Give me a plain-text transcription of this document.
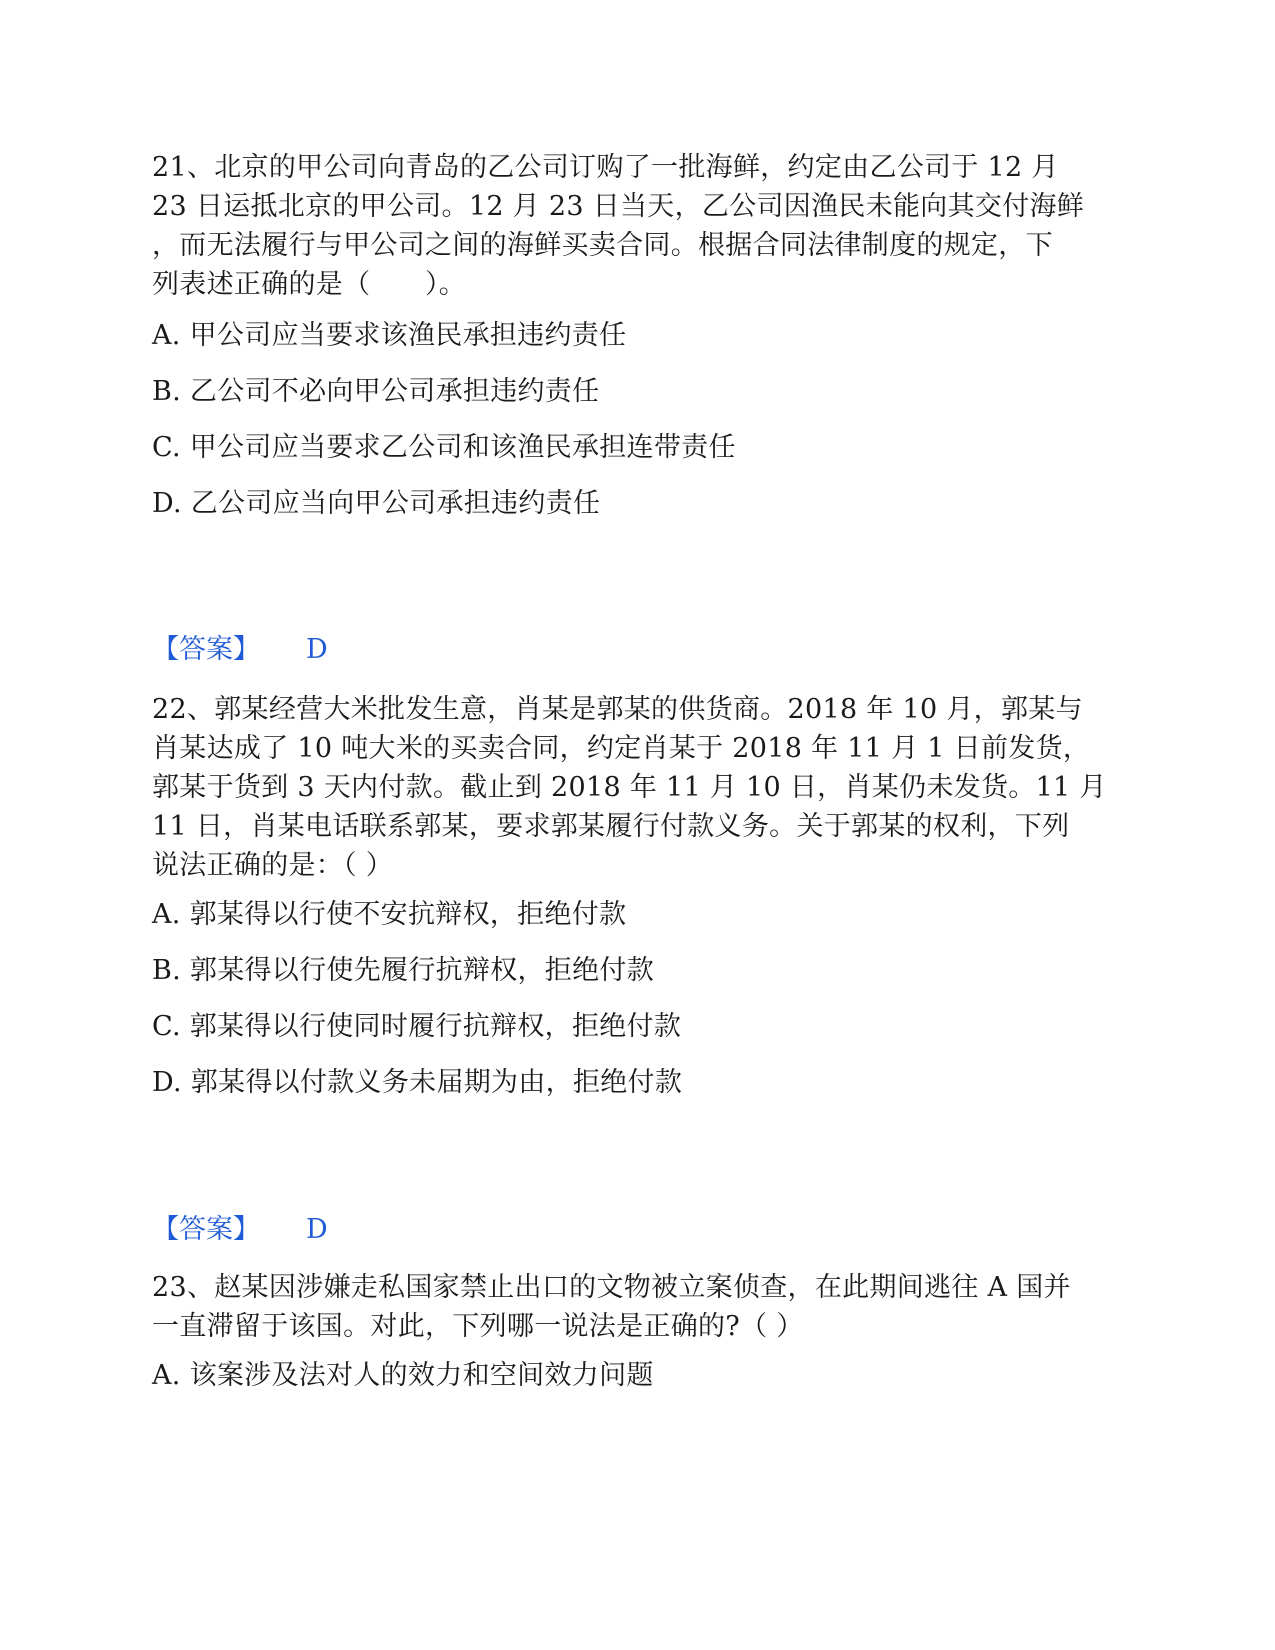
21、北京的甲公司向青岛的乙公司订购了一批海鲜，约定由乙公司于 12 月

23 日运抵北京的甲公司。12 月 23 日当天，乙公司因渔民未能向其交付海鲜

，而无法履行与甲公司之间的海鲜买卖合同。根据合同法律制度的规定，下

列表述正确的是（　　）。

A. 甲公司应当要求该渔民承担违约责任

B. 乙公司不必向甲公司承担违约责任

C. 甲公司应当要求乙公司和该渔民承担连带责任

D. 乙公司应当向甲公司承担违约责任

【答案】 D

22、郭某经营大米批发生意，肖某是郭某的供货商。2018 年 10 月，郭某与

肖某达成了 10 吨大米的买卖合同，约定肖某于 2018 年 11 月 1 日前发货，

郭某于货到 3 天内付款。截止到 2018 年 11 月 10 日，肖某仍未发货。11 月

11 日，肖某电话联系郭某，要求郭某履行付款义务。关于郭某的权利，下列

说法正确的是：（ ）

A. 郭某得以行使不安抗辩权，拒绝付款

B. 郭某得以行使先履行抗辩权，拒绝付款

C. 郭某得以行使同时履行抗辩权，拒绝付款

D. 郭某得以付款义务未届期为由，拒绝付款

【答案】 D

23、赵某因涉嫌走私国家禁止出口的文物被立案侦查，在此期间逃往 A 国并

一直滞留于该国。对此，下列哪一说法是正确的?（ ）

A. 该案涉及法对人的效力和空间效力问题
